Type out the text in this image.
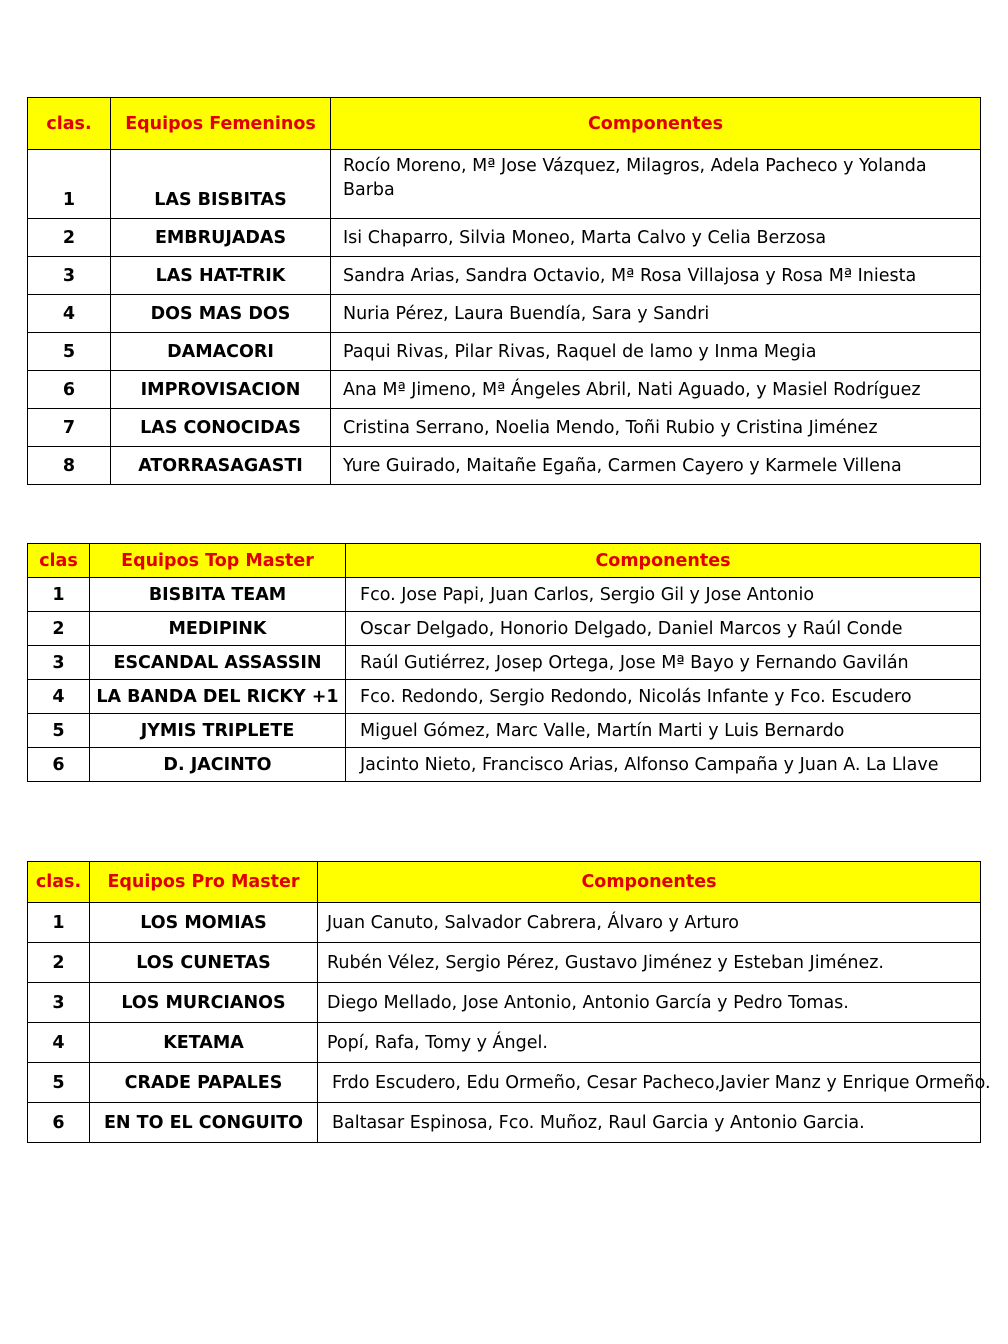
clas.	Equipos Femeninos	Componentes
1	LAS BISBITAS	Rocío Moreno, Mª Jose Vázquez, Milagros, Adela Pacheco y Yolanda Barba
2	EMBRUJADAS	Isi Chaparro, Silvia Moneo, Marta Calvo y Celia Berzosa
3	LAS HAT-TRIK	Sandra Arias, Sandra Octavio, Mª Rosa Villajosa y Rosa Mª Iniesta
4	DOS MAS DOS	Nuria Pérez, Laura Buendía, Sara y Sandri
5	DAMACORI	Paqui Rivas, Pilar Rivas, Raquel de lamo y Inma Megia
6	IMPROVISACION	Ana Mª Jimeno, Mª Ángeles Abril, Nati Aguado, y Masiel Rodríguez
7	LAS CONOCIDAS	Cristina Serrano, Noelia Mendo, Toñi Rubio y Cristina Jiménez
8	ATORRASAGASTI	Yure Guirado, Maitañe Egaña, Carmen Cayero y Karmele Villena
clas	Equipos Top Master	Componentes
1	BISBITA TEAM	Fco. Jose Papi, Juan Carlos, Sergio Gil y Jose Antonio
2	MEDIPINK	Oscar Delgado, Honorio Delgado, Daniel Marcos y Raúl Conde
3	ESCANDAL ASSASSIN	Raúl Gutiérrez, Josep Ortega, Jose Mª Bayo y Fernando Gavilán
4	LA BANDA DEL RICKY +1	Fco. Redondo, Sergio Redondo, Nicolás Infante y Fco. Escudero
5	JYMIS TRIPLETE	Miguel Gómez, Marc Valle, Martín Marti y Luis Bernardo
6	D. JACINTO	Jacinto Nieto, Francisco Arias, Alfonso Campaña y Juan A. La Llave
clas.	Equipos Pro Master	Componentes
1	LOS MOMIAS	Juan Canuto, Salvador Cabrera, Álvaro y Arturo
2	LOS CUNETAS	Rubén Vélez, Sergio Pérez, Gustavo Jiménez y Esteban Jiménez.
3	LOS MURCIANOS	Diego Mellado, Jose Antonio, Antonio García y Pedro Tomas.
4	KETAMA	Popí, Rafa, Tomy y Ángel.
5	CRADE PAPALES	Frdo Escudero, Edu Ormeño, Cesar Pacheco,Javier Manz y Enrique Ormeño.
6	EN TO EL CONGUITO	Baltasar Espinosa, Fco. Muñoz, Raul Garcia y Antonio Garcia.
